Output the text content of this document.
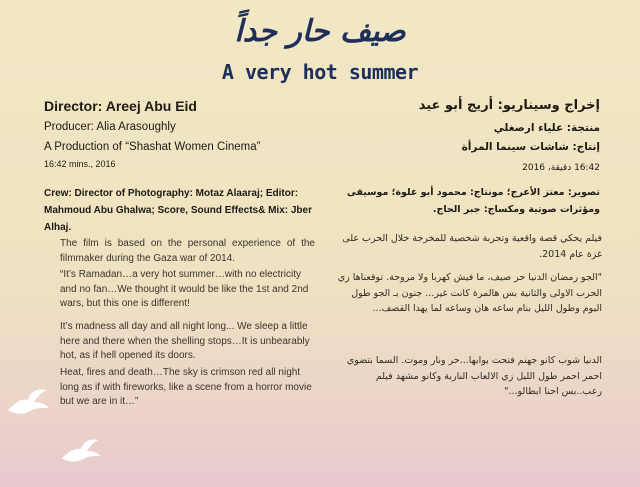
صيف حار جداً
A very hot summer
Director: Areej Abu Eid
Producer: Alia Arasoughly
A Production of “Shashat Women Cinema”
16:42 mins., 2016
Crew: Director of Photography: Motaz Alaaraj; Editor: Mahmoud Abu Ghalwa; Score, Sound Effects& Mix: Jber Alhaj.

The film is based on the personal experience of the filmmaker during the Gaza war of 2014.

“It’s Ramadan…a very hot summer…with no electricity and no fan…We thought it would be like the 1st and 2nd wars, but this one is different!

It’s madness all day and all night long... We sleep a little here and there when the shelling stops…It is unbearably hot, as if hell opened its doors.

Heat, fires and death…The sky is crimson red all night long as if with fireworks, like a scene from a horror movie but we are in it…”

إخراج وسيناريو: أريج أبو عيد
منتجة: علياء ارصغلي
إنتاج: شاشات سينما المرأة
16:42 دقيقة، 2016
تصوير: معتز الأعرج؛ مونتاج: محمود أبو غلوة؛ موسيقى ومؤثرات صوتية ومكساج: جبر الحاج.

فيلم يحكي قصة واقعية وتجربة شخصية للمخرجة خلال الحرب على غزة عام 2014.

"الجو رمضان الدنيا حر صيف، ما فيش كهربا ولا مروحة. توقعناها زي الحرب الاولى والثانية بس هالمرة كانت غير... جنون بـ الجو طول اليوم وطول الليل بنام ساعه هان وساعه لما يهدا القصف...

الدنيا شوب كانو جهنم فتحت بوابها...حر ونار وموت. السما بتضوي احمر احمر طول الليل زي الالعاب النارية وكانو مشهد فيلم رعب..بس احنا ابطالو..."
